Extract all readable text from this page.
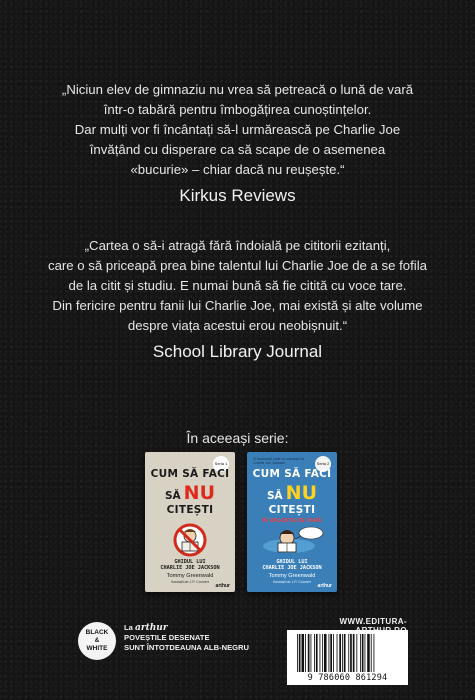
„Niciun elev de gimnaziu nu vrea să petreacă o lună de vară

într-o tabără pentru îmbogățirea cunoștințelor.

Dar mulți vor fi încântați să-l urmărească pe Charlie Joe

învățând cu disperare ca să scape de o asemenea

«bucurie» – chiar dacă nu reușește.“

Kirkus Reviews

„Cartea o să-i atragă fără îndoială pe cititorii ezitanți,

care o să priceapă prea bine talentul lui Charlie Joe de a se fofila

de la citit și studiu. E numai bună să fie citită cu voce tare.

Din fericire pentru fanii lui Charlie Joe, mai există și alte volume

despre viața acestui erou neobișnuit.“

School Library Journal
În aceeași serie:
Seria 1
CUM SĂ FACI
SĂ NU
CITEȘTI
GHIDUL LUI
CHARLIE JOE JACKSON
Tommy Greenwald
Ilustrații de J.P. Coovert
arthur
O frumoasă carte cu vacanța lui Charlie Joe Jackson	Seria 2
CUM SĂ FACI
SĂ NU
CITEȘTI
ÎN VACANȚA DE VARĂ
GHIDUL LUI
CHARLIE JOE JACKSON
Tommy Greenwald
Ilustrații de J.P. Coovert
arthur
BLACK
&
WHITE
La arthur
POVEȘTILE DESENATE
SUNT ÎNTOTDEAUNA ALB-NEGRU
WWW.EDITURA-
9 786060 861294
